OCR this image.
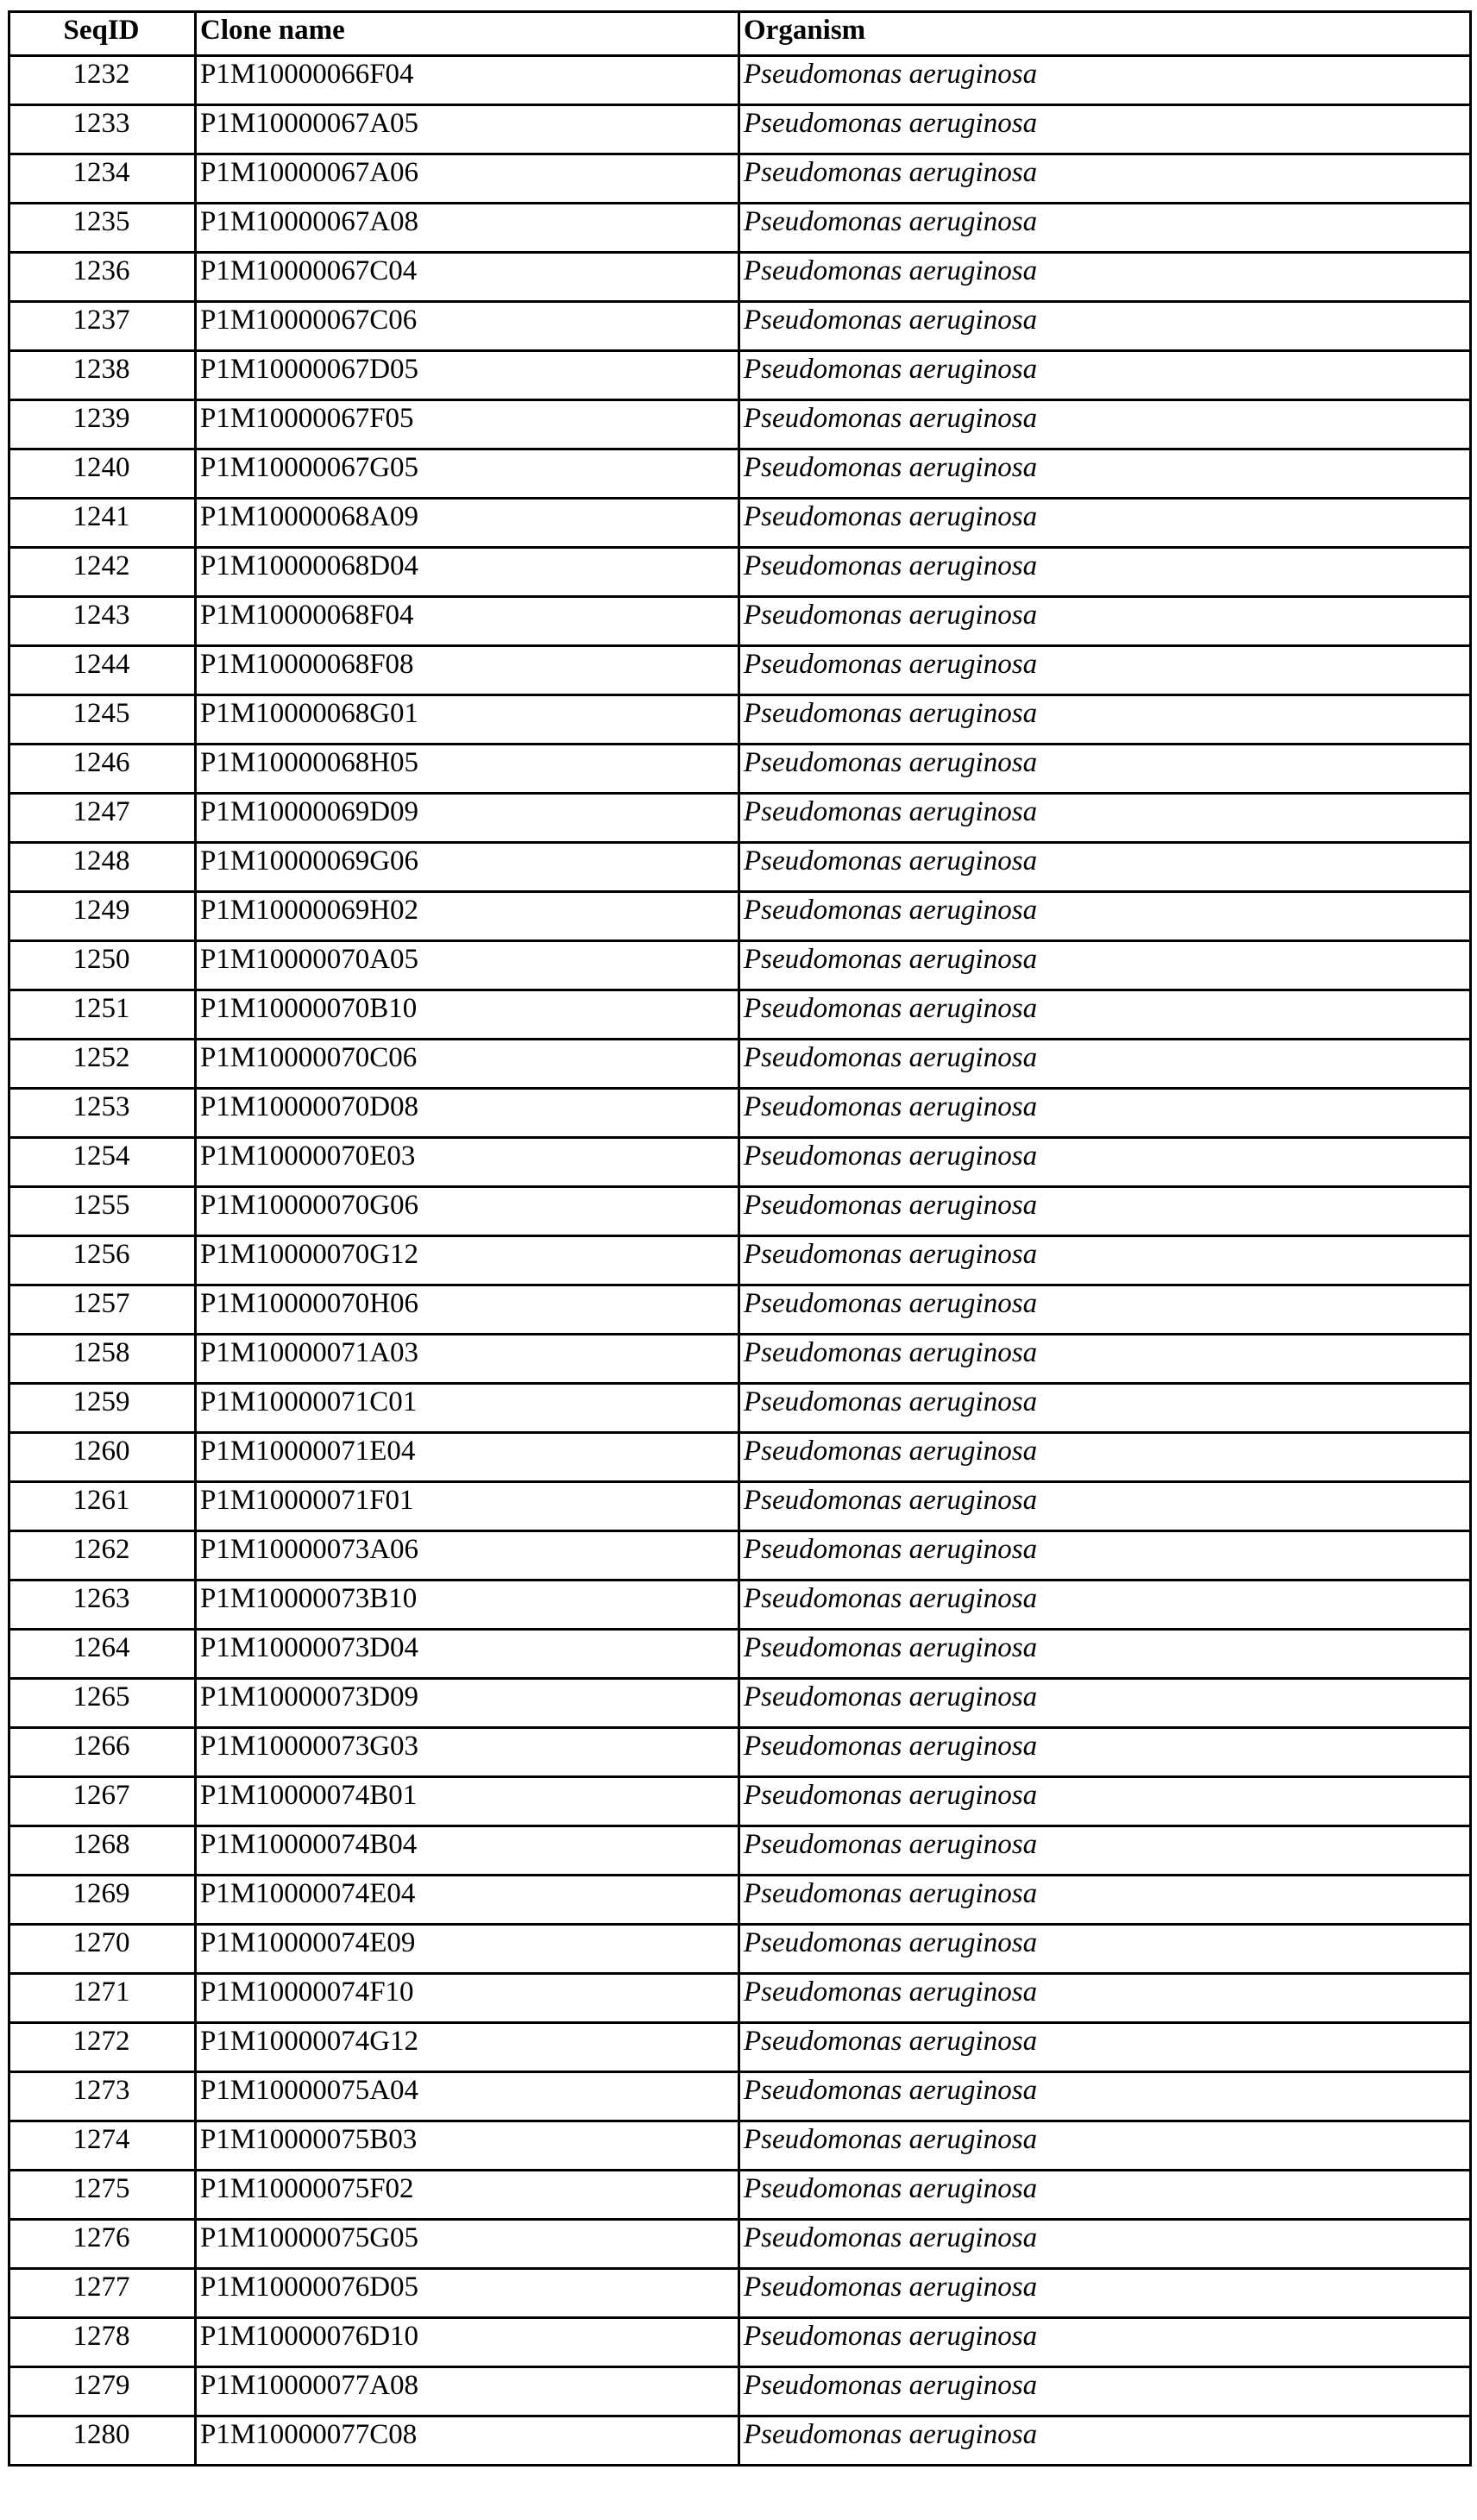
SeqID	Clone name	Organism
1232	P1M10000066F04	Pseudomonas aeruginosa
1233	P1M10000067A05	Pseudomonas aeruginosa
1234	P1M10000067A06	Pseudomonas aeruginosa
1235	P1M10000067A08	Pseudomonas aeruginosa
1236	P1M10000067C04	Pseudomonas aeruginosa
1237	P1M10000067C06	Pseudomonas aeruginosa
1238	P1M10000067D05	Pseudomonas aeruginosa
1239	P1M10000067F05	Pseudomonas aeruginosa
1240	P1M10000067G05	Pseudomonas aeruginosa
1241	P1M10000068A09	Pseudomonas aeruginosa
1242	P1M10000068D04	Pseudomonas aeruginosa
1243	P1M10000068F04	Pseudomonas aeruginosa
1244	P1M10000068F08	Pseudomonas aeruginosa
1245	P1M10000068G01	Pseudomonas aeruginosa
1246	P1M10000068H05	Pseudomonas aeruginosa
1247	P1M10000069D09	Pseudomonas aeruginosa
1248	P1M10000069G06	Pseudomonas aeruginosa
1249	P1M10000069H02	Pseudomonas aeruginosa
1250	P1M10000070A05	Pseudomonas aeruginosa
1251	P1M10000070B10	Pseudomonas aeruginosa
1252	P1M10000070C06	Pseudomonas aeruginosa
1253	P1M10000070D08	Pseudomonas aeruginosa
1254	P1M10000070E03	Pseudomonas aeruginosa
1255	P1M10000070G06	Pseudomonas aeruginosa
1256	P1M10000070G12	Pseudomonas aeruginosa
1257	P1M10000070H06	Pseudomonas aeruginosa
1258	P1M10000071A03	Pseudomonas aeruginosa
1259	P1M10000071C01	Pseudomonas aeruginosa
1260	P1M10000071E04	Pseudomonas aeruginosa
1261	P1M10000071F01	Pseudomonas aeruginosa
1262	P1M10000073A06	Pseudomonas aeruginosa
1263	P1M10000073B10	Pseudomonas aeruginosa
1264	P1M10000073D04	Pseudomonas aeruginosa
1265	P1M10000073D09	Pseudomonas aeruginosa
1266	P1M10000073G03	Pseudomonas aeruginosa
1267	P1M10000074B01	Pseudomonas aeruginosa
1268	P1M10000074B04	Pseudomonas aeruginosa
1269	P1M10000074E04	Pseudomonas aeruginosa
1270	P1M10000074E09	Pseudomonas aeruginosa
1271	P1M10000074F10	Pseudomonas aeruginosa
1272	P1M10000074G12	Pseudomonas aeruginosa
1273	P1M10000075A04	Pseudomonas aeruginosa
1274	P1M10000075B03	Pseudomonas aeruginosa
1275	P1M10000075F02	Pseudomonas aeruginosa
1276	P1M10000075G05	Pseudomonas aeruginosa
1277	P1M10000076D05	Pseudomonas aeruginosa
1278	P1M10000076D10	Pseudomonas aeruginosa
1279	P1M10000077A08	Pseudomonas aeruginosa
1280	P1M10000077C08	Pseudomonas aeruginosa
